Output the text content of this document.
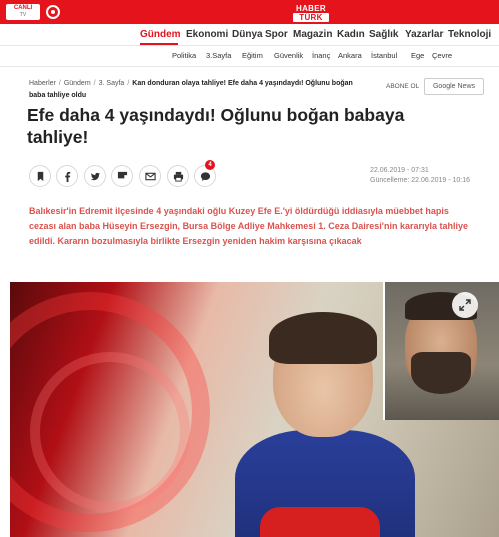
CANLI
TV
HABER
TÜRK
Gündem Ekonomi Dünya Spor Magazin Kadın Sağlık Yazarlar Teknoloji
Politika 3.Sayfa Eğitim Güvenlik İnanç Ankara İstanbul Ege Çevre
Haberler / Gündem / 3. Sayfa / Kan donduran olaya tahliye! Efe daha 4 yaşındaydı! Oğlunu boğan baba tahliye oldu
ABONE OL	Google News
Efe daha 4 yaşındaydı! Oğlunu boğan babaya tahliye!
4
22.06.2019 - 07:31
Güncelleme: 22.06.2019 - 10:16

Balıkesir'in Edremit ilçesinde 4 yaşındaki oğlu Kuzey Efe E.'yi öldürdüğü iddiasıyla müebbet hapis cezası alan baba Hüseyin Ersezgin, Bursa Bölge Adliye Mahkemesi 1. Ceza Dairesi'nin kararıyla tahliye edildi. Kararın bozulmasıyla birlikte Ersezgin yeniden hakim karşısına çıkacak
